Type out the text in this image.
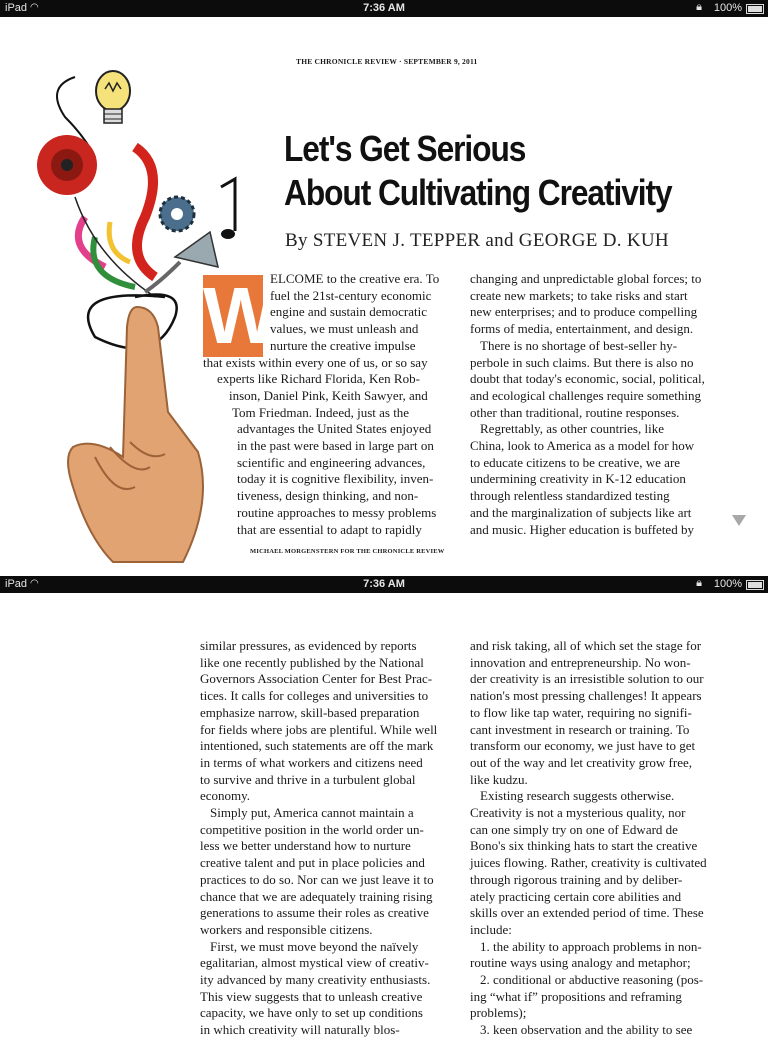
iPad ◠	7:36 AM	🔒︎ 100%
THE CHRONICLE REVIEW · SEPTEMBER 9, 2011
Let's Get Serious
About Cultivating Creativity
By STEVEN J. TEPPER and GEORGE D. KUH
W
ELCOME to the creative era. To
fuel the 21st-century economic
engine and sustain democratic
values, we must unleash and
nurture the creative impulse
that exists within every one of us, or so say
experts like Richard Florida, Ken Rob-
inson, Daniel Pink, Keith Sawyer, and
Tom Friedman. Indeed, just as the
advantages the United States enjoyed
in the past were based in large part on
scientific and engineering advances,
today it is cognitive flexibility, inven-
tiveness, design thinking, and non-
routine approaches to messy problems
that are essential to adapt to rapidly
changing and unpredictable global forces; to
create new markets; to take risks and start
new enterprises; and to produce compelling
forms of media, entertainment, and design.
There is no shortage of best-seller hy-
perbole in such claims. But there is also no
doubt that today's economic, social, political,
and ecological challenges require something
other than traditional, routine responses.
Regrettably, as other countries, like
China, look to America as a model for how
to educate citizens to be creative, we are
undermining creativity in K-12 education
through relentless standardized testing
and the marginalization of subjects like art
and music. Higher education is buffeted by
MICHAEL MORGENSTERN FOR THE CHRONICLE REVIEW
iPad ◠	7:36 AM	🔒︎ 100%
similar pressures, as evidenced by reports
like one recently published by the National
Governors Association Center for Best Prac-
tices. It calls for colleges and universities to
emphasize narrow, skill-based preparation
for fields where jobs are plentiful. While well
intentioned, such statements are off the mark
in terms of what workers and citizens need
to survive and thrive in a turbulent global
economy.
Simply put, America cannot maintain a
competitive position in the world order un-
less we better understand how to nurture
creative talent and put in place policies and
practices to do so. Nor can we just leave it to
chance that we are adequately training rising
generations to assume their roles as creative
workers and responsible citizens.
First, we must move beyond the naïvely
egalitarian, almost mystical view of creativ-
ity advanced by many creativity enthusiasts.
This view suggests that to unleash creative
capacity, we have only to set up conditions
in which creativity will naturally blos-
and risk taking, all of which set the stage for
innovation and entrepreneurship. No won-
der creativity is an irresistible solution to our
nation's most pressing challenges! It appears
to flow like tap water, requiring no signifi-
cant investment in research or training. To
transform our economy, we just have to get
out of the way and let creativity grow free,
like kudzu.
Existing research suggests otherwise.
Creativity is not a mysterious quality, nor
can one simply try on one of Edward de
Bono's six thinking hats to start the creative
juices flowing. Rather, creativity is cultivated
through rigorous training and by deliber-
ately practicing certain core abilities and
skills over an extended period of time. These
include:
1. the ability to approach problems in non-
routine ways using analogy and metaphor;
2. conditional or abductive reasoning (pos-
ing “what if” propositions and reframing
problems);
3. keen observation and the ability to see
